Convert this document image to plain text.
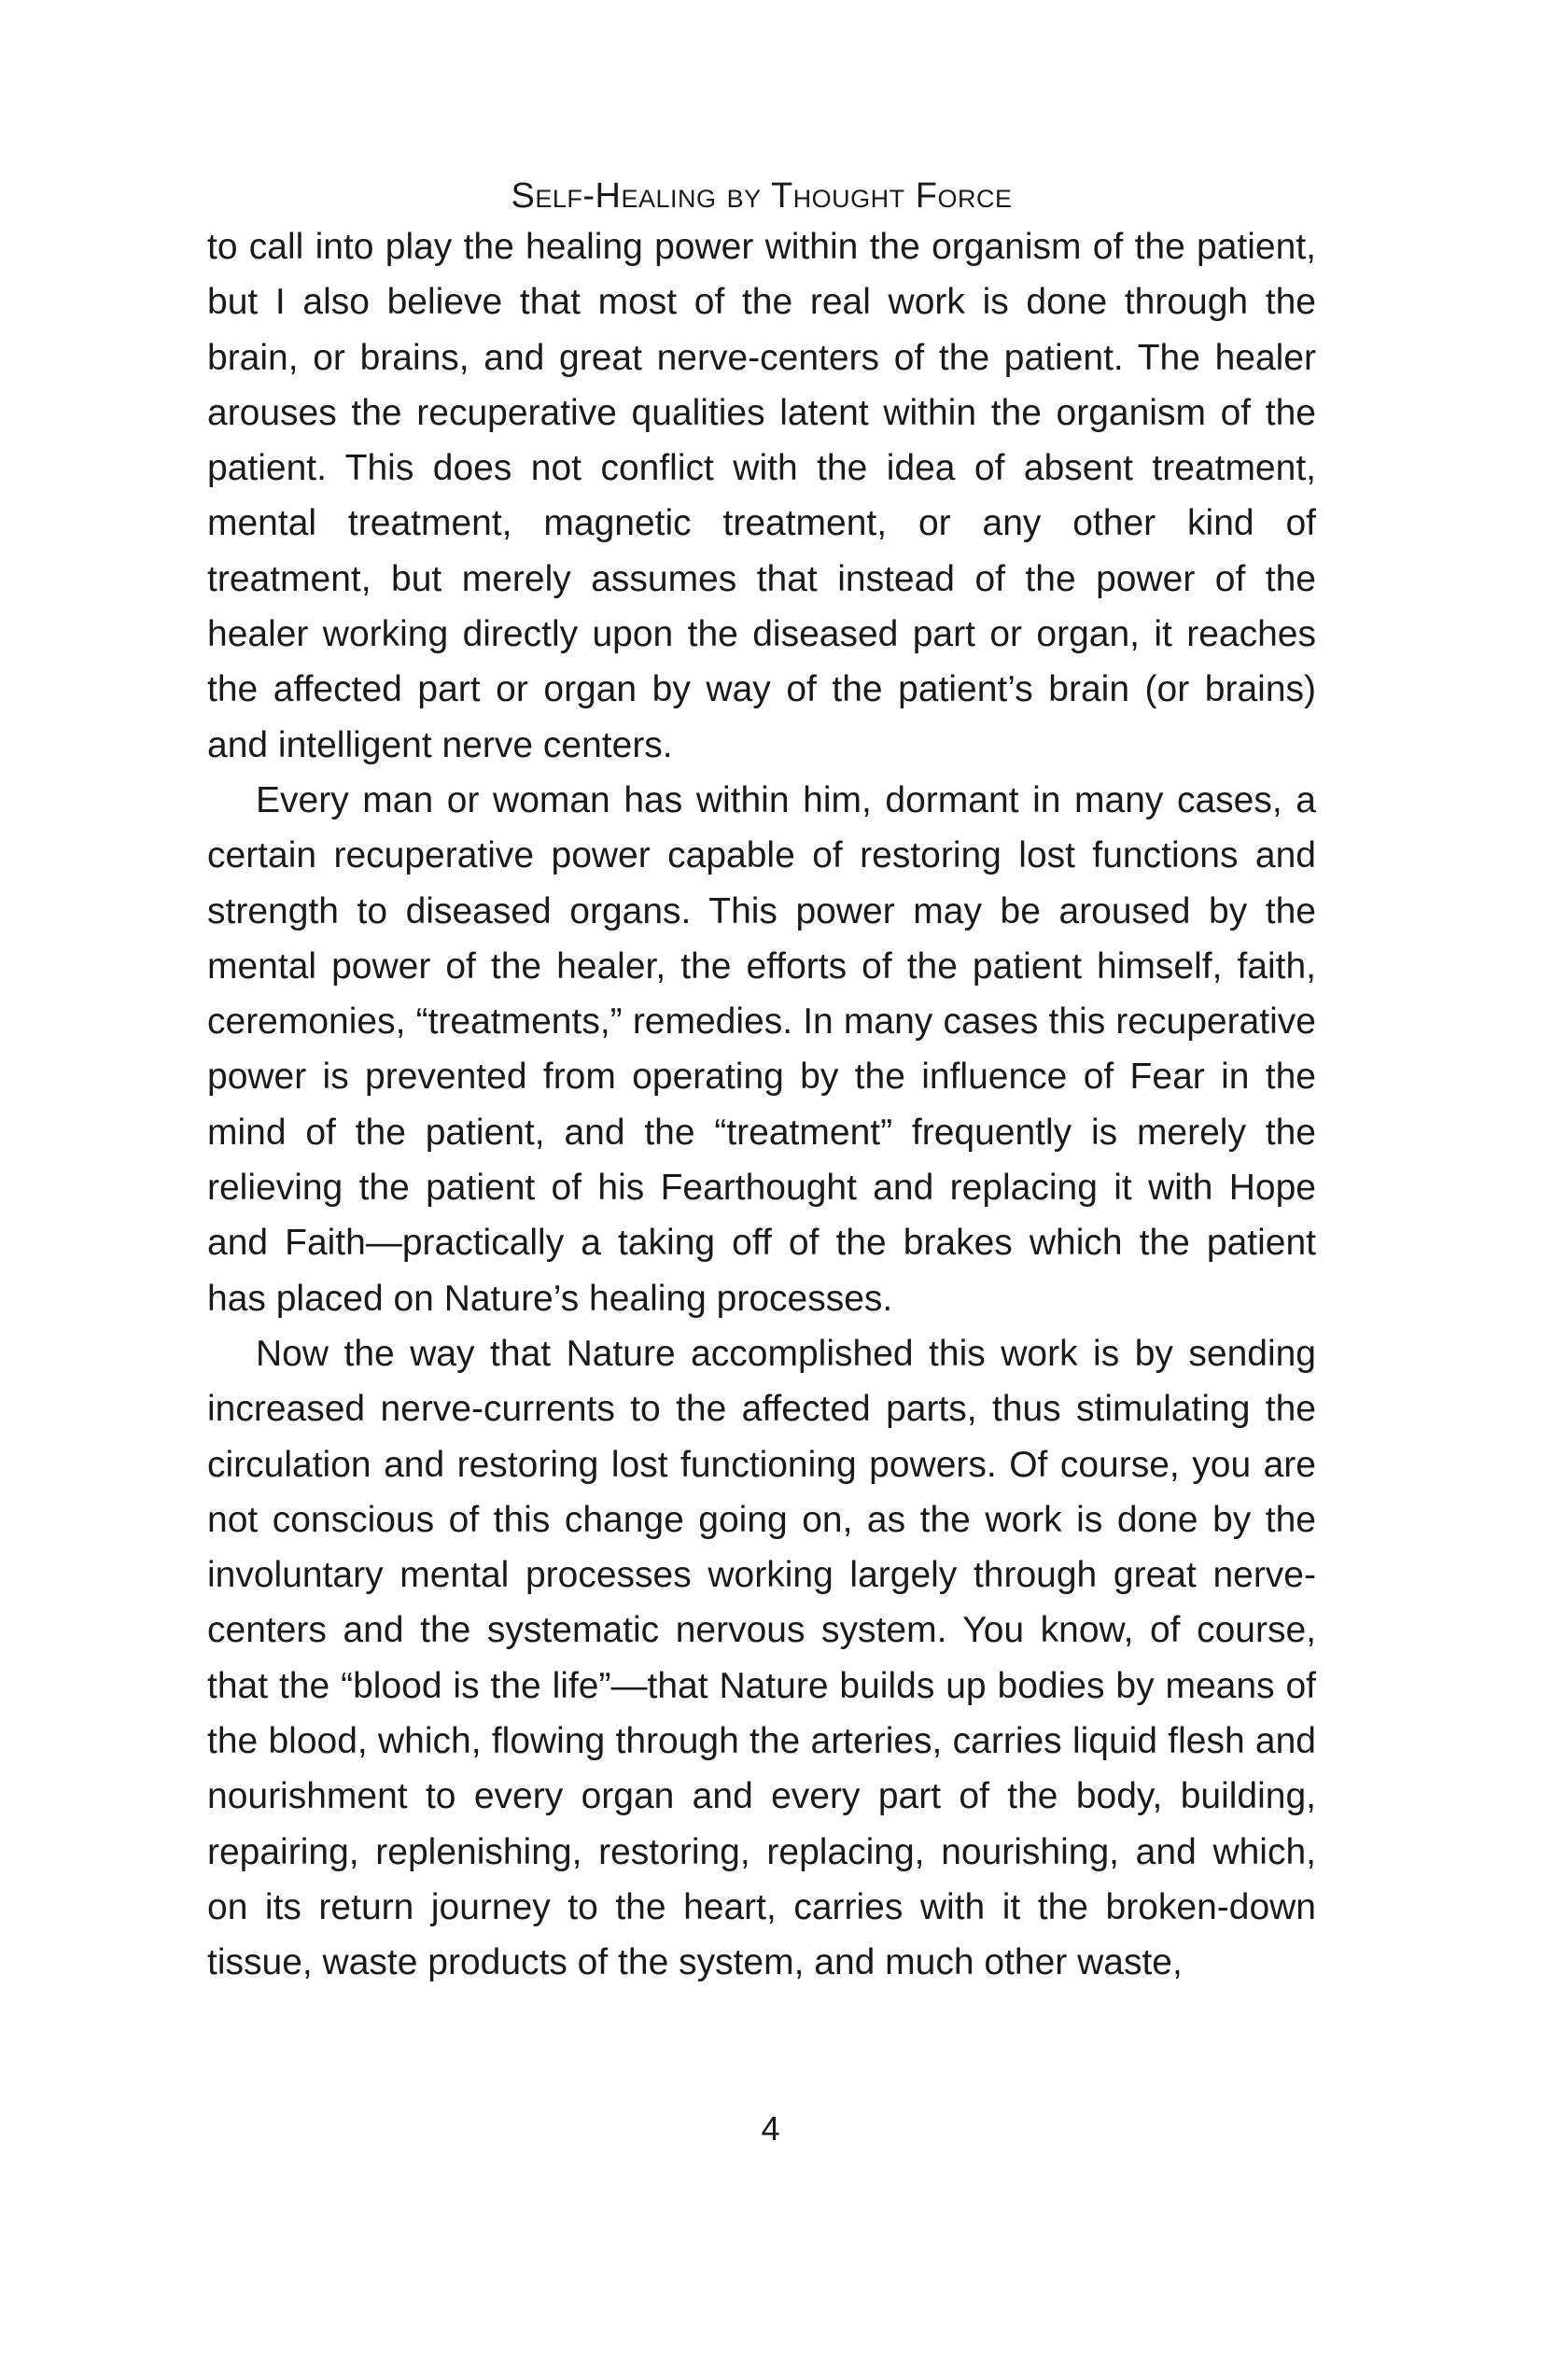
Self-Healing by Thought Force

to call into play the healing power within the organism of the patient, but I also believe that most of the real work is done through the brain, or brains, and great nerve-centers of the patient. The healer arouses the recuperative qualities latent within the organism of the patient. This does not conflict with the idea of absent treatment, mental treatment, magnetic treatment, or any other kind of treatment, but merely assumes that instead of the power of the healer working directly upon the diseased part or organ, it reaches the affected part or organ by way of the patient’s brain (or brains) and intelligent nerve centers.

Every man or woman has within him, dormant in many cases, a certain recuperative power capable of restoring lost functions and strength to diseased organs. This power may be aroused by the mental power of the healer, the efforts of the patient himself, faith, ceremonies, “treatments,” remedies. In many cases this recuperative power is prevented from operating by the influence of Fear in the mind of the patient, and the “treatment” frequently is merely the relieving the patient of his Fearthought and replacing it with Hope and Faith—practically a taking off of the brakes which the patient has placed on Nature’s healing processes.

Now the way that Nature accomplished this work is by sending increased nerve-currents to the affected parts, thus stimulating the circulation and restoring lost functioning powers. Of course, you are not conscious of this change going on, as the work is done by the involuntary mental processes working largely through great nerve-centers and the systematic nervous system. You know, of course, that the “blood is the life”—that Nature builds up bodies by means of the blood, which, flowing through the arteries, carries liquid flesh and nourishment to every organ and every part of the body, building, repairing, replenishing, restoring, replacing, nourishing, and which, on its return journey to the heart, carries with it the broken-down tissue, waste products of the system, and much other waste,

4
